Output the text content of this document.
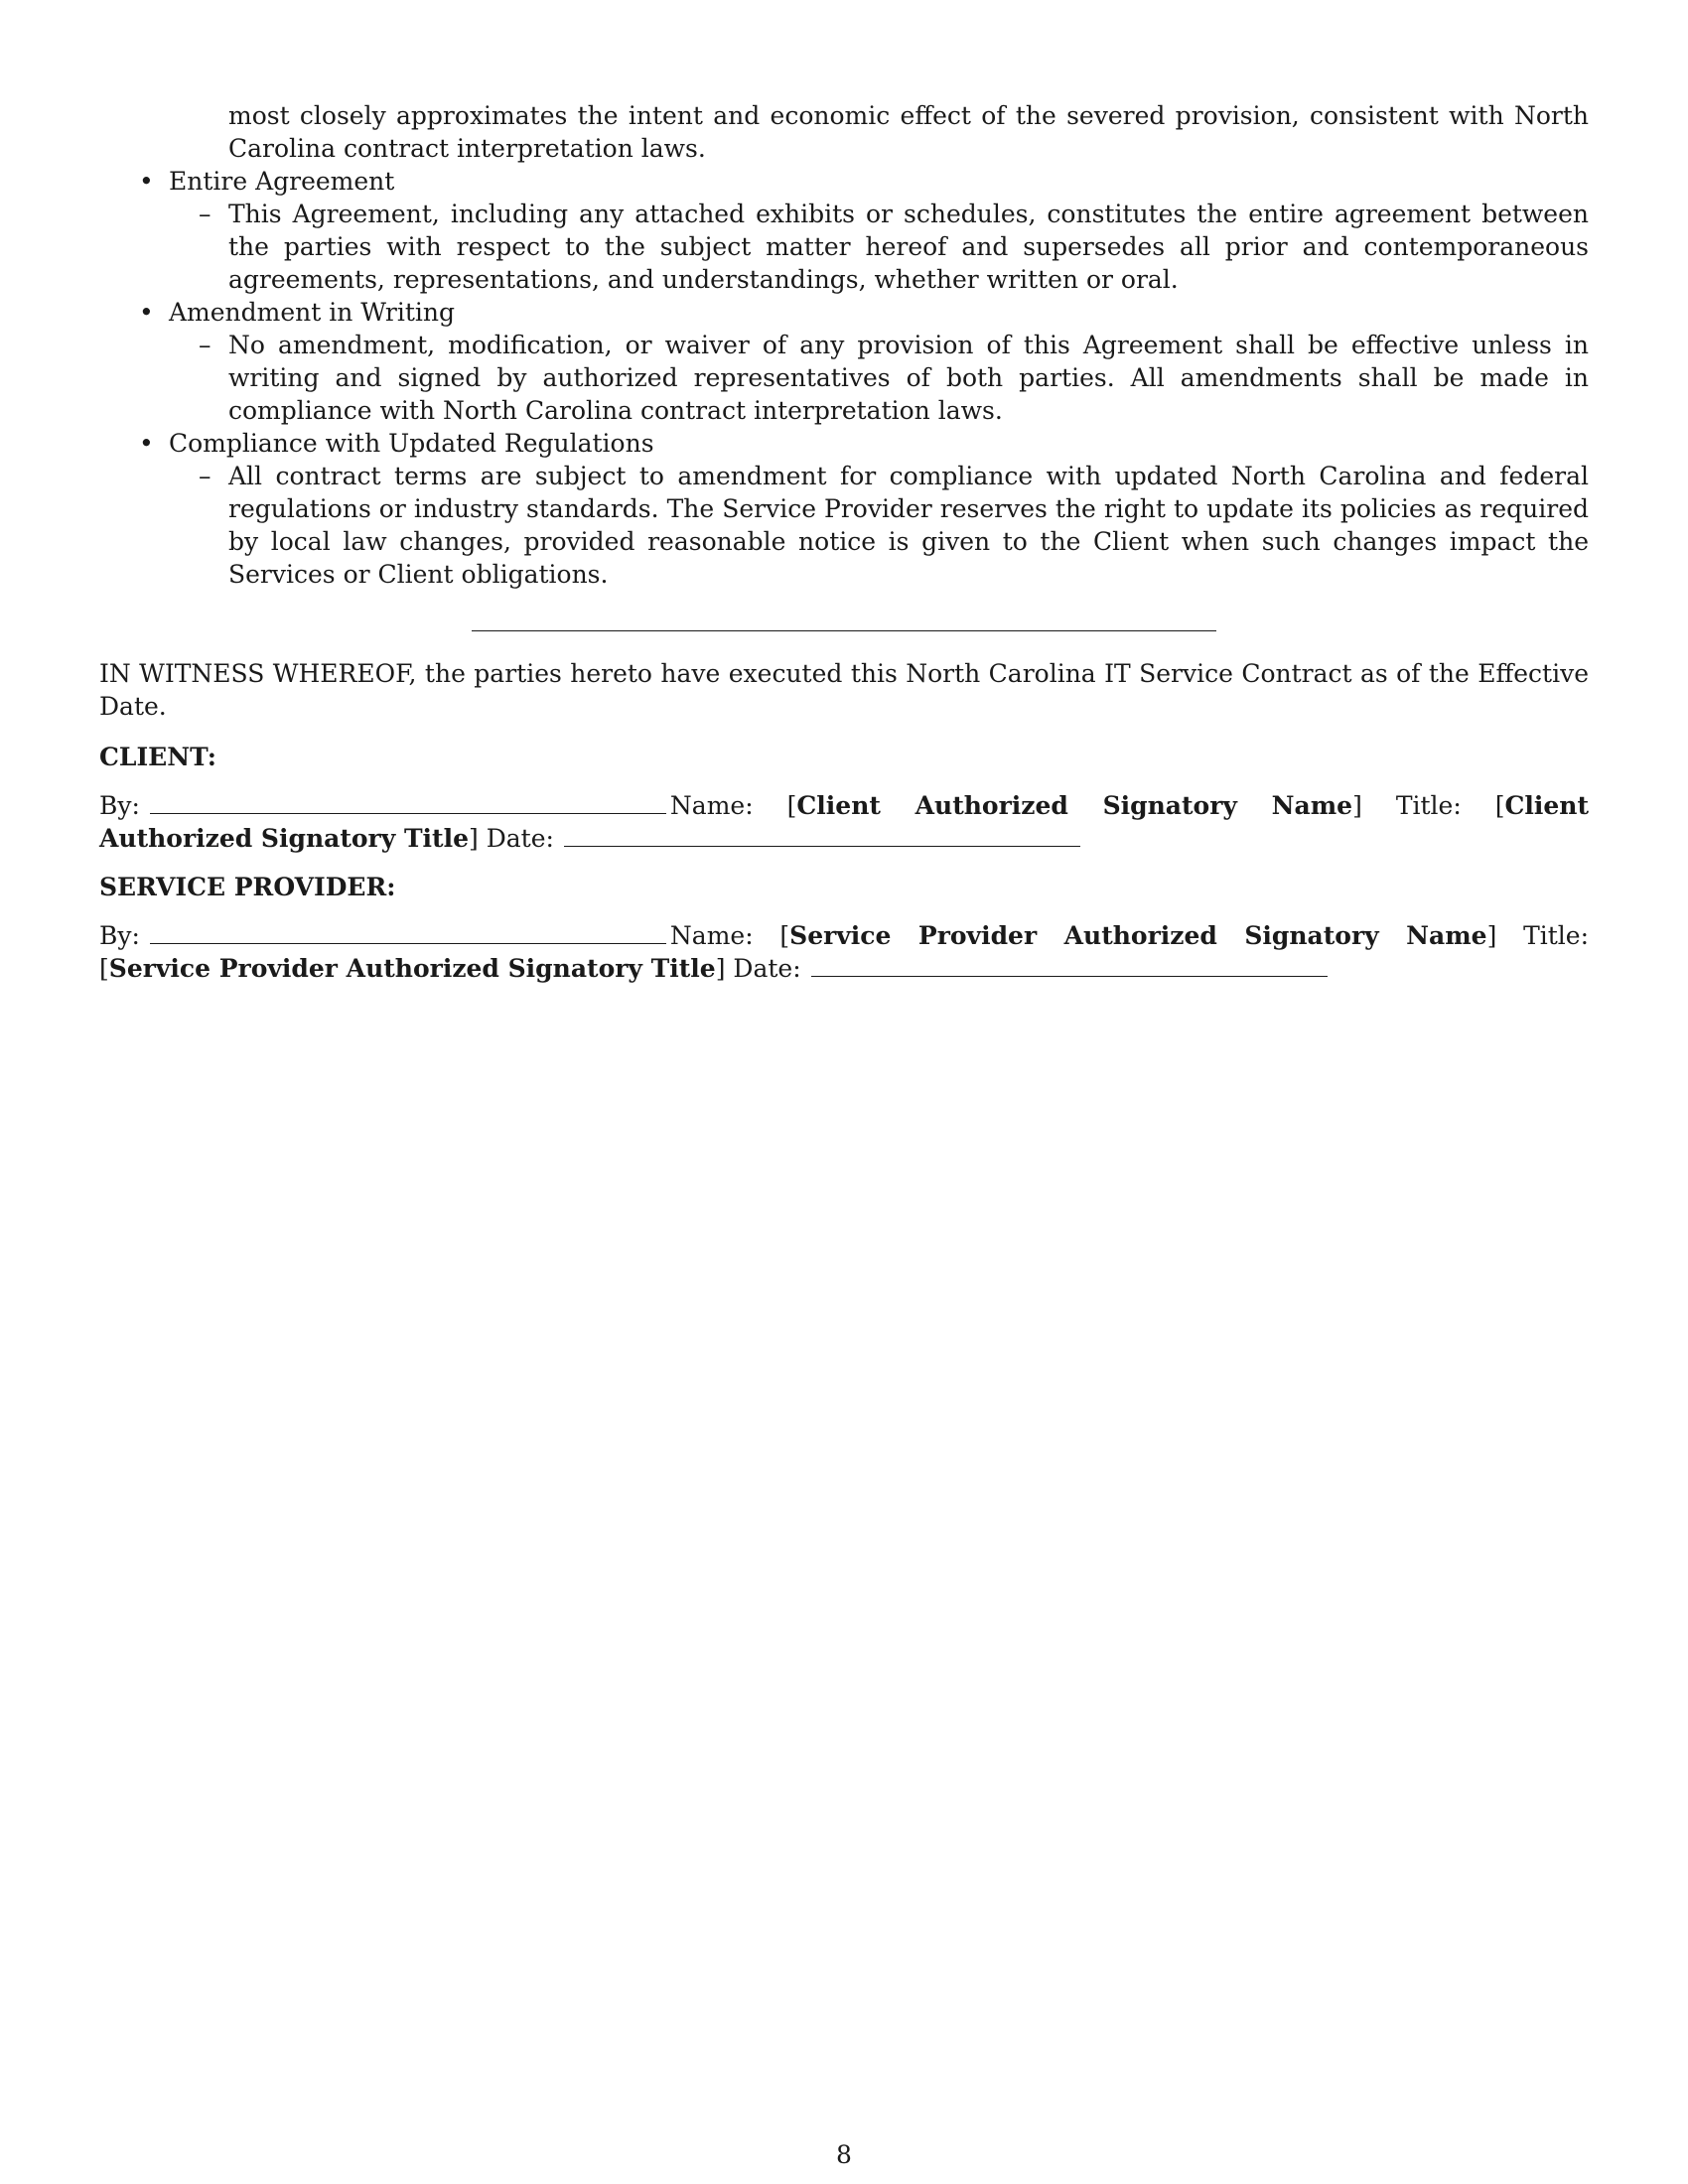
most closely approximates the intent and economic effect of the severed provision, consistent with North Carolina contract interpretation laws.
• Entire Agreement
– This Agreement, including any attached exhibits or schedules, constitutes the entire agreement between the parties with respect to the subject matter hereof and supersedes all prior and contemporaneous agreements, representations, and understandings, whether written or oral.
• Amendment in Writing
– No amendment, modification, or waiver of any provision of this Agreement shall be effective unless in writing and signed by authorized representatives of both parties. All amendments shall be made in compliance with North Carolina contract interpretation laws.
• Compliance with Updated Regulations
– All contract terms are subject to amendment for compliance with updated North Carolina and federal regulations or industry standards. The Service Provider reserves the right to update its policies as required by local law changes, provided reasonable notice is given to the Client when such changes impact the Services or Client obligations.

IN WITNESS WHEREOF, the parties hereto have executed this North Carolina IT Service Contract as of the Effective Date.

CLIENT:
By:	Name: [Client Authorized Signatory Name] Title: [Client Authorized Signatory Title] Date:
SERVICE PROVIDER:
By:	Name: [Service Provider Authorized Signatory Name] Title: [Service Provider Authorized Signatory Title] Date:
8
